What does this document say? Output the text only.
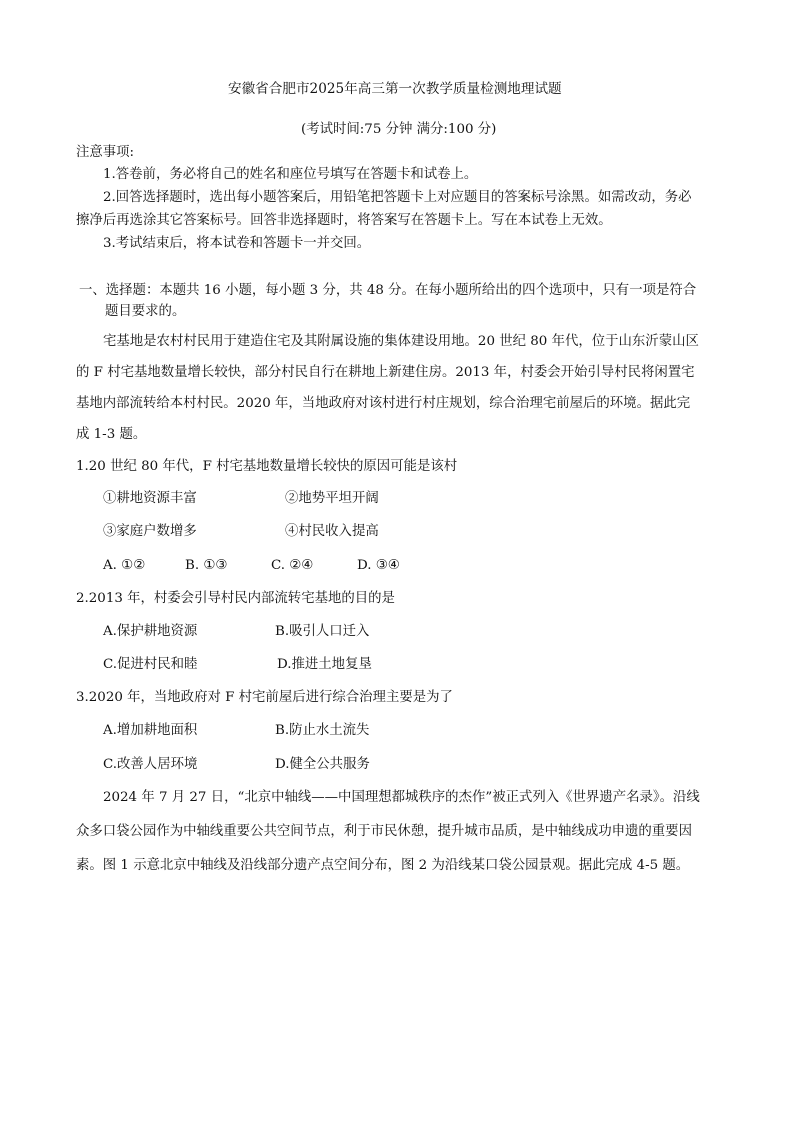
安徽省合肥市2025年高三第一次教学质量检测地理试题
(考试时间:75 分钟 满分:100 分)
注意事项:
1.答卷前，务必将自己的姓名和座位号填写在答题卡和试卷上。
2.回答选择题时，选出每小题答案后，用铅笔把答题卡上对应题目的答案标号涂黑。如需改动，务必
擦净后再选涂其它答案标号。回答非选择题时，将答案写在答题卡上。写在本试卷上无效。
3.考试结束后，将本试卷和答题卡一并交回。
一、选择题：本题共 16 小题，每小题 3 分，共 48 分。在每小题所给出的四个选项中，只有一项是符合
题目要求的。
宅基地是农村村民用于建造住宅及其附属设施的集体建设用地。20 世纪 80 年代，位于山东沂蒙山区
的 F 村宅基地数量增长较快，部分村民自行在耕地上新建住房。2013 年，村委会开始引导村民将闲置宅
基地内部流转给本村村民。2020 年，当地政府对该村进行村庄规划，综合治理宅前屋后的环境。据此完
成 1-3 题。
1.20 世纪 80 年代，F 村宅基地数量增长较快的原因可能是该村
①耕地资源丰富	②地势平坦开阔
③家庭户数增多	④村民收入提高
A. ①②	B. ①③	C. ②④	D. ③④
2.2013 年，村委会引导村民内部流转宅基地的目的是
A.保护耕地资源	B.吸引人口迁入
C.促进村民和睦	D.推进土地复垦
3.2020 年，当地政府对 F 村宅前屋后进行综合治理主要是为了
A.增加耕地面积	B.防止水土流失
C.改善人居环境	D.健全公共服务
2024 年 7 月 27 日，“北京中轴线——中国理想都城秩序的杰作”被正式列入《世界遗产名录》。沿线
众多口袋公园作为中轴线重要公共空间节点，利于市民休憩，提升城市品质，是中轴线成功申遗的重要因
素。图 1 示意北京中轴线及沿线部分遗产点空间分布，图 2 为沿线某口袋公园景观。据此完成 4-5 题。
